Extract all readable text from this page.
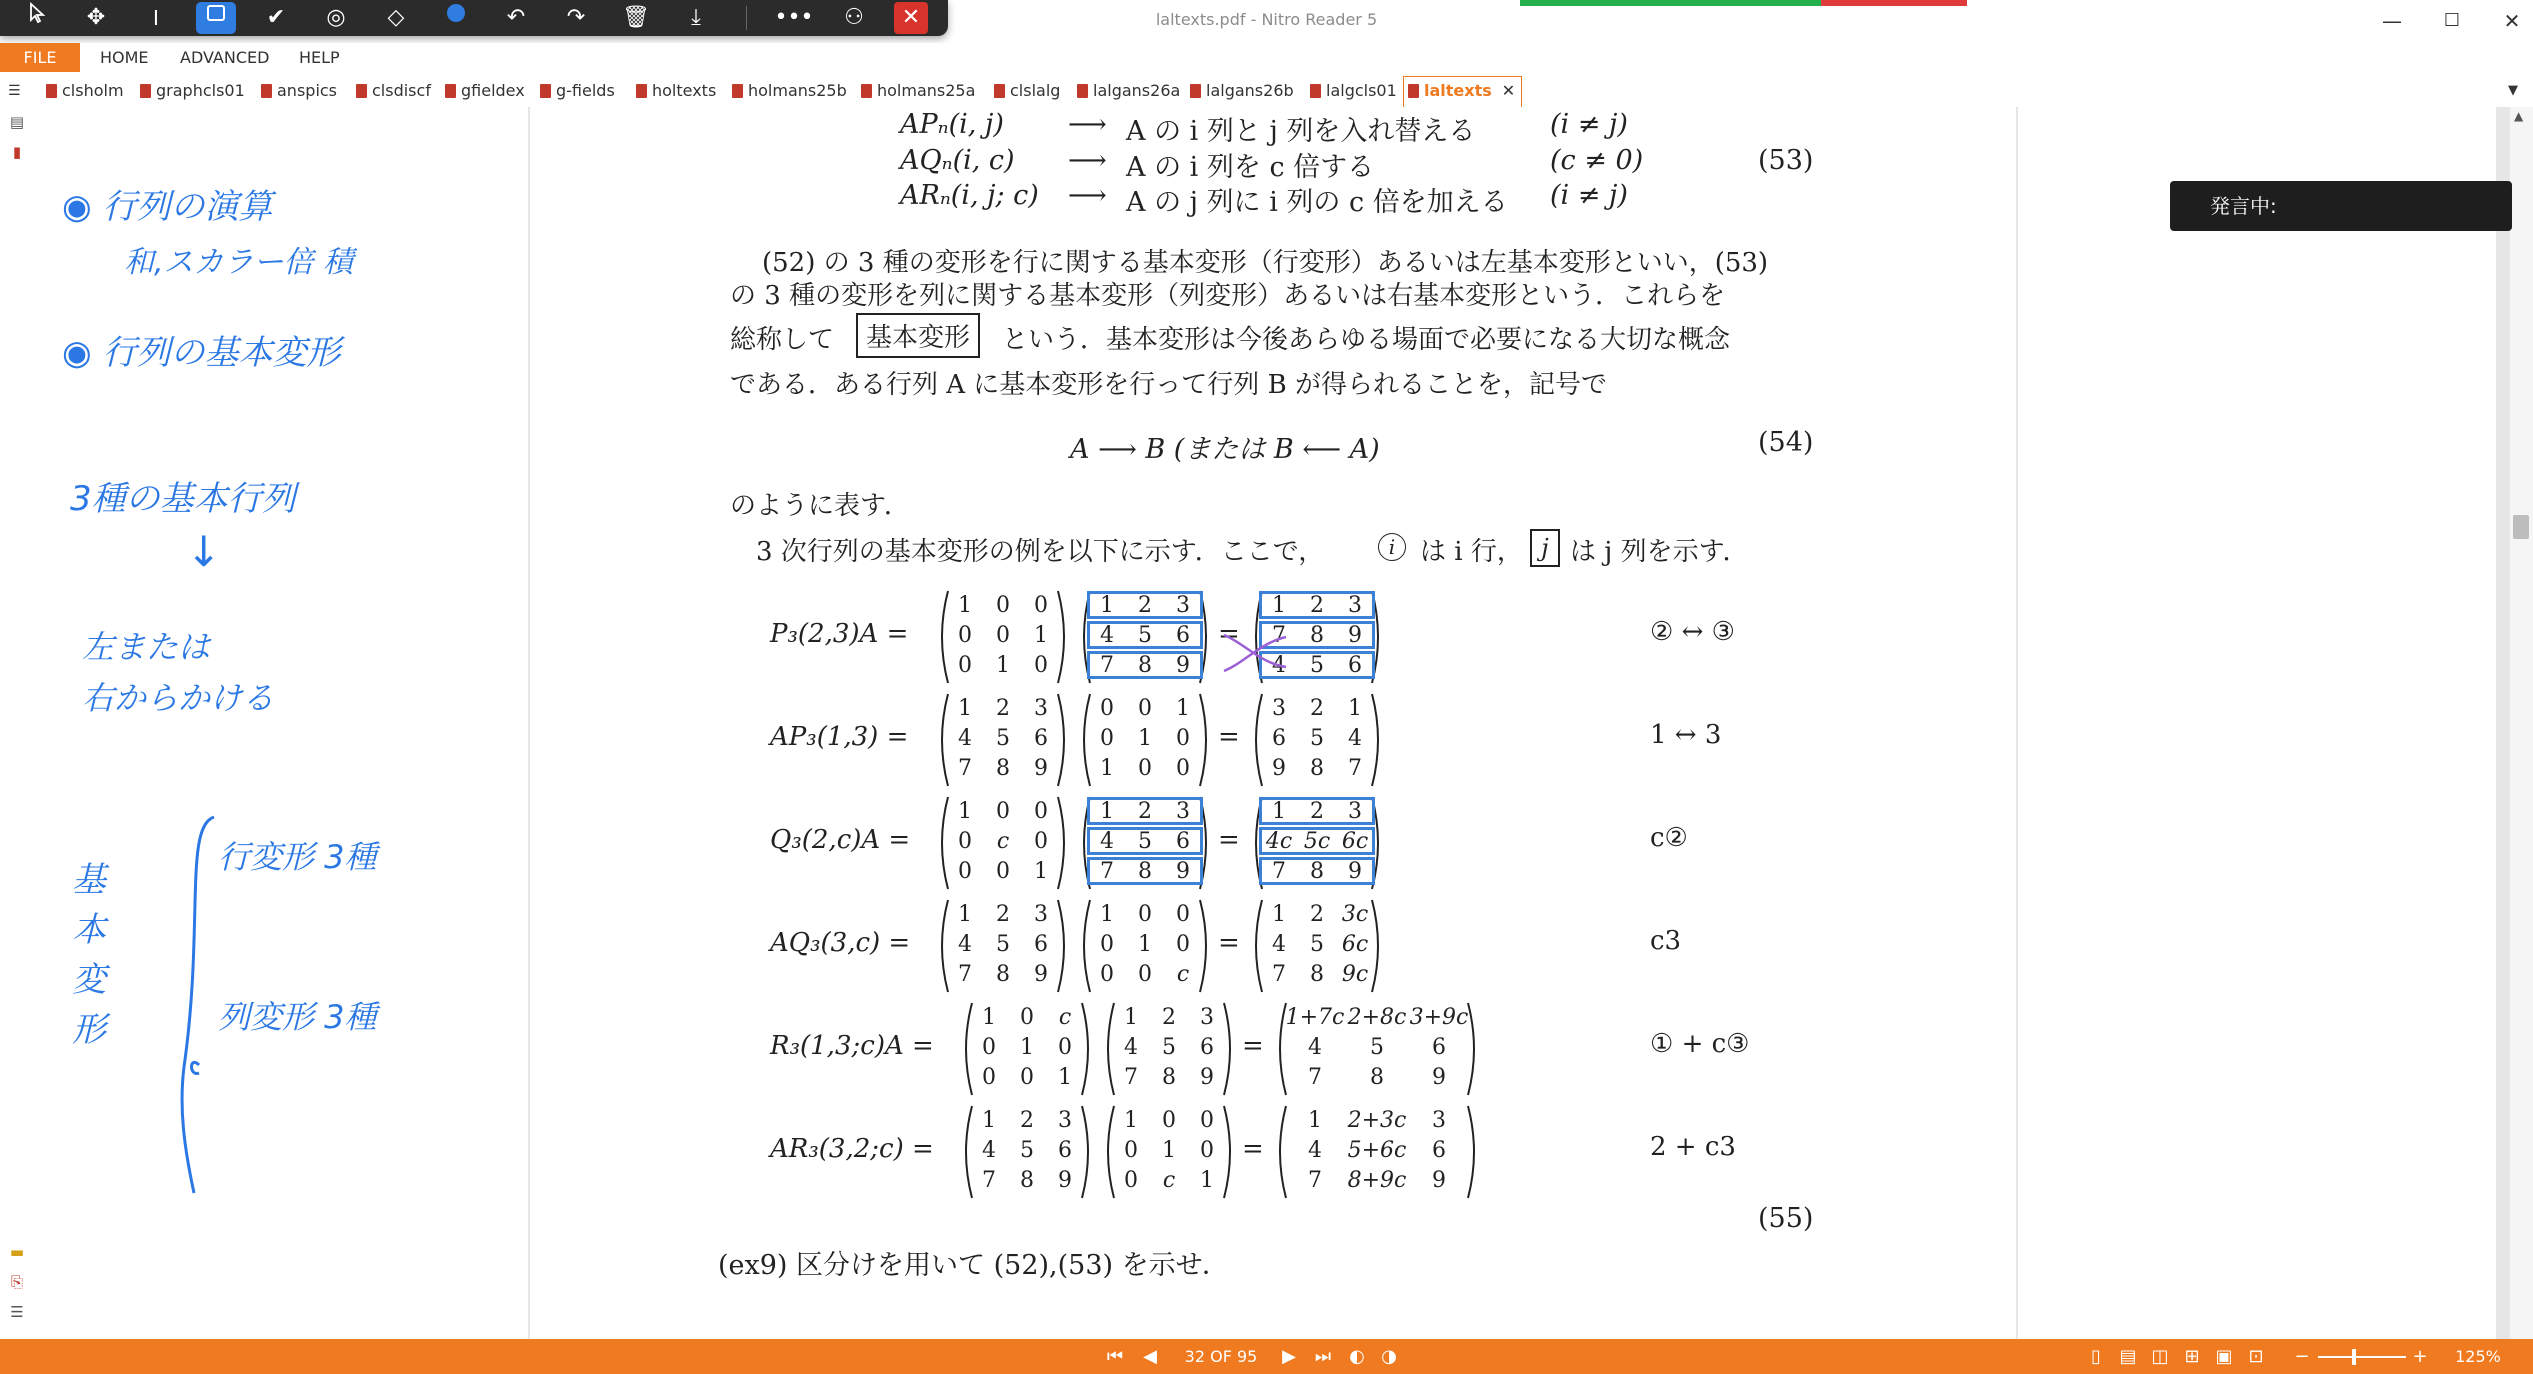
laltexts.pdf - Nitro Reader 5	—	☐	✕
✥	I	✔	◎	◇	↶	↷	🗑	⤓	•••	⚇	✕
FILE	HOME ADVANCED HELP
☰	clsholm	graphcls01	anspics	clsdiscf	gfieldex	g-fields	holtexts	holmans25b	holmans25a	clslalg	lalgans26a	lalgans26b	lalgcls01	laltexts ✕	▼
▤
▮
▬
⎘
☰
◉ 行列の演算
和,スカラー倍 積
◉ 行列の基本変形
3種の基本行列
↓
左または
右からかける
基
本
変
形
行変形 3種
列変形 3種
APₙ(i, j) ⟶ A の i 列と j 列を入れ替える	(i ≠ j)
AQₙ(i, c) ⟶ A の i 列を c 倍する	(c ≠ 0)	(53)
ARₙ(i, j; c) ⟶ A の j 列に i 列の c 倍を加える (i ≠ j)
(52) の 3 種の変形を行に関する基本変形（行変形）あるいは左基本変形といい，(53)
の 3 種の変形を列に関する基本変形（列変形）あるいは右基本変形という．これらを
総称して	基本変形	という．基本変形は今後あらゆる場面で必要になる大切な概念
である．ある行列 A に基本変形を行って行列 B が得られることを，記号で
A ⟶ B (または B ⟵ A)	(54)
のように表す．
3 次行列の基本変形の例を以下に示す．ここで，	i は i 行， j は j 列を示す．
P₃(2,3)A =
1	0	0
0	0	1
0	1	0
1	2	3
4	5	6
7	8	9
=
1	2	3
7	8	9
4	5	6
② ↔ ③
AP₃(1,3) =
1	2	3
4	5	6
7	8	9
0	0	1
0	1	0
1	0	0
=
3	2	1
6	5	4
9	8	7
1 ↔ 3
Q₃(2,c)A =
1	0	0
0	c	0
0	0	1
1	2	3
4	5	6
7	8	9
=
1	2	3
4c 5c 6c
7	8	9
c②
AQ₃(3,c) =
1	2	3
4	5	6
7	8	9
1	0	0
0	1	0
0	0	c
=
1	2 3c
4	5 6c
7	8 9c
c3
R₃(1,3;c)A =
1	0	c
0	1	0
0	0	1
1	2	3
4	5	6
7	8	9
=
1+7c 2+8c 3+9c
4	5	6
7	8	9
① + c③
AR₃(3,2;c) =
1	2	3
4	5	6
7	8	9
1	0	0
0	1	0
0	c	1
=
1	2+3c	3
4	5+6c	6
7	8+9c	9
2 + c3
(55)
(ex9) 区分けを用いて (52),(53) を示せ．
▲
発言中:
⏮	◀	32 OF 95	▶	⏭	◐ ◑	▯	▤ ◫ ⊞ ▣ ⊡	−	+	125%
